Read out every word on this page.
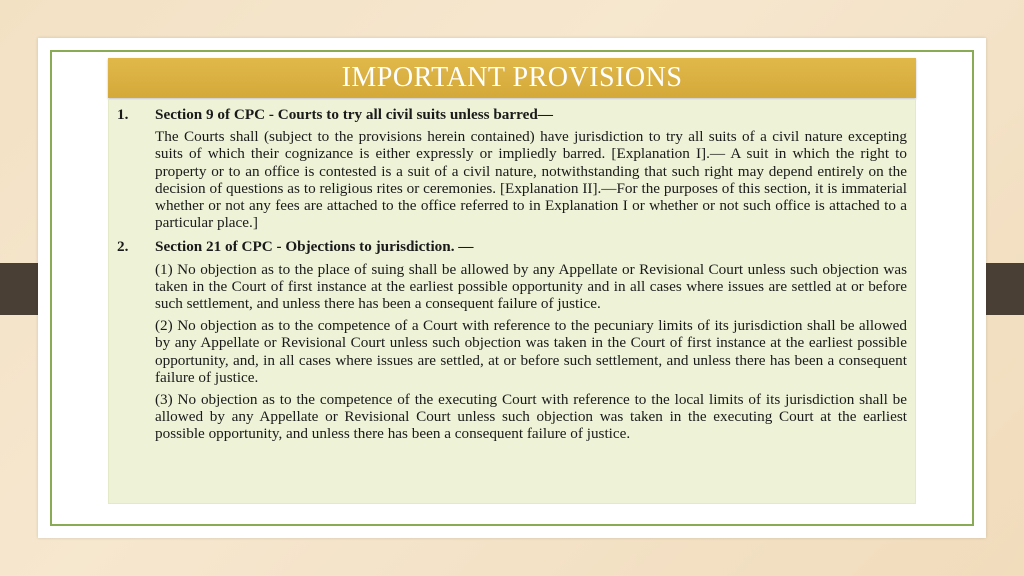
IMPORTANT PROVISIONS
1.	Section 9 of CPC - Courts to try all civil suits unless barred—

The Courts shall (subject to the provisions herein contained) have jurisdiction to try all suits of a civil nature excepting suits of which their cognizance is either expressly or impliedly barred. [Explanation I].— A suit in which the right to property or to an office is contested is a suit of a civil nature, notwithstanding that such right may depend entirely on the decision of questions as to religious rites or ceremonies. [Explanation II].—For the purposes of this section, it is immaterial whether or not any fees are attached to the office referred to in Explanation I or whether or not such office is attached to a particular place.]

2.	Section 21 of CPC - Objections to jurisdiction. —

(1) No objection as to the place of suing shall be allowed by any Appellate or Revisional Court unless such objection was taken in the Court of first instance at the earliest possible opportunity and in all cases where issues are settled at or before such settlement, and unless there has been a consequent failure of justice.

(2) No objection as to the competence of a Court with reference to the pecuniary limits of its jurisdiction shall be allowed by any Appellate or Revisional Court unless such objection was taken in the Court of first instance at the earliest possible opportunity, and, in all cases where issues are settled, at or before such settlement, and unless there has been a consequent failure of justice.

(3) No objection as to the competence of the executing Court with reference to the local limits of its jurisdiction shall be allowed by any Appellate or Revisional Court unless such objection was taken in the executing Court at the earliest possible opportunity, and unless there has been a consequent failure of justice.
